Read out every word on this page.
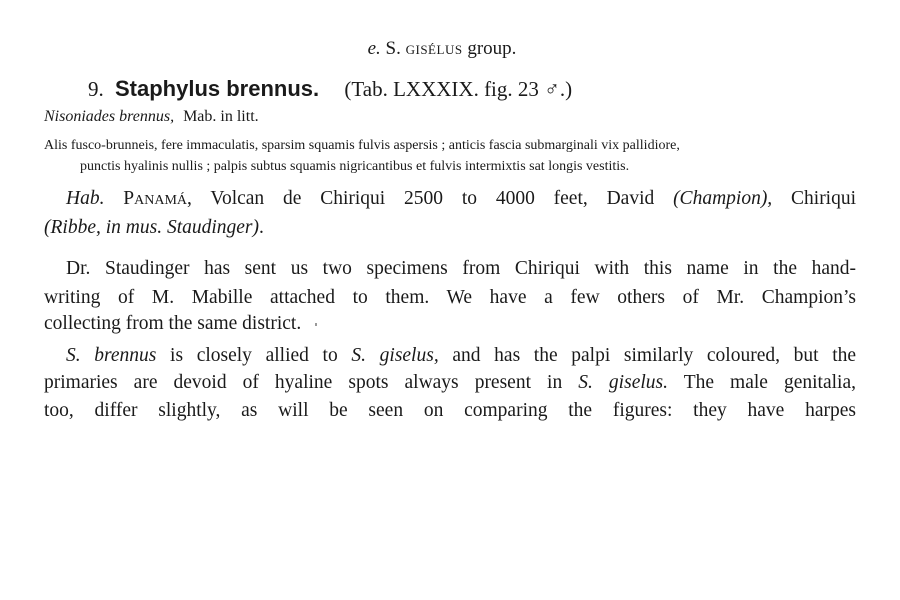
e. S. gisélus group.
9. Staphylus brennus. (Tab. LXXXIX. fig. 23 ♂.)
Nisoniades brennus, Mab. in litt.
Alis fusco-brunneis, fere immaculatis, sparsim squamis fulvis aspersis ; anticis fascia submarginali vix pallidiore,
punctis hyalinis nullis ; palpis subtus squamis nigricantibus et fulvis intermixtis sat longis vestitis.
Hab. Panamá, Volcan de Chiriqui 2500 to 4000 feet, David (Champion), Chiriqui
(Ribbe, in mus. Staudinger).
Dr. Staudinger has sent us two specimens from Chiriqui with this name in the hand-
writing of M. Mabille attached to them. We have a few others of Mr. Champion’s
collecting from the same district.
S. brennus is closely allied to S. giselus, and has the palpi similarly coloured, but the
primaries are devoid of hyaline spots always present in S. giselus. The male genitalia,
too, differ slightly, as will be seen on comparing the figures: they have harpes
